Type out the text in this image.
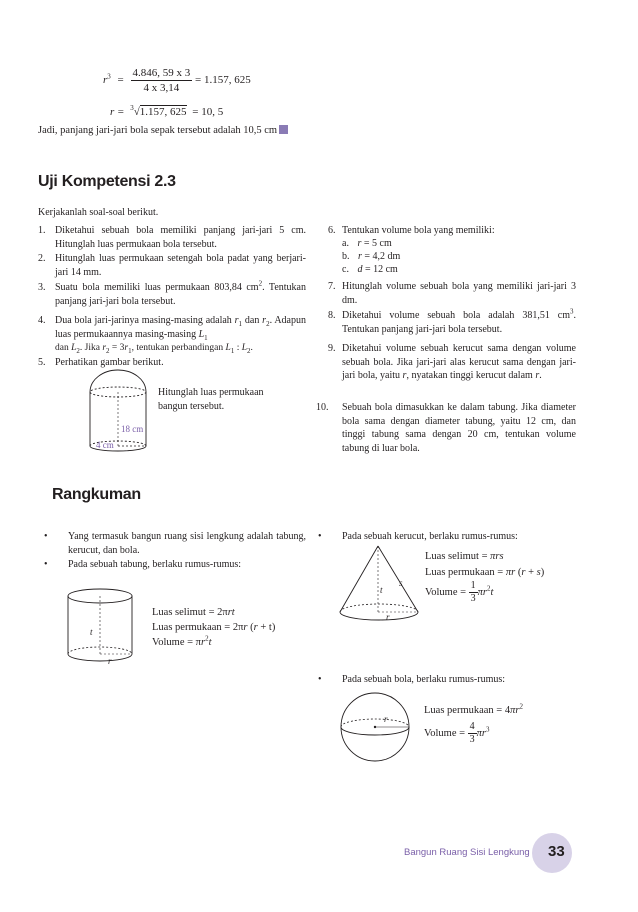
$r^3 = \frac{4.846, 59 x 3}{4 x 3,14} = 1.157$, 625
r = $^3$√1.157, 625 = 10, 5
Jadi, panjang jari-jari bola sepak tersebut adalah 10,5 cm
Uji Kompetensi 2.3
Kerjakanlah soal-soal berikut.
1. Diketahui sebuah bola memiliki panjang jari-jari 5 cm. Hitunglah luas permukaan bola tersebut.
2. Hitunglah luas permukaan setengah bola padat yang berjari-jari 14 mm.
3. Suatu bola memiliki luas permukaan 803,84 $cm^2$. Tentukan panjang jari-jari bola tersebut.
4. Dua bola jari-jarinya masing-masing adalah $r_1$ dan $r_2$. Adapun luas permukaannya masing-masing $L_1$
dan $L_2$. Jika $r_2 = 3r_1$, tentukan perbandingan $L_1$ : $L_2$.
5. Perhatikan gambar berikut.
18 cm
4 cm
Hitunglah luas permukaan bangun tersebut.
6. Tentukan volume bola yang memiliki:
a. r = 5 cm
b. r = 4,2 dm
c. d = 12 cm
7. Hitunglah volume sebuah bola yang memiliki jari-jari 3 dm.
8. Diketahui volume sebuah bola adalah 381,51 $cm^3$. Tentukan panjang jari-jari bola tersebut.
9. Diketahui volume sebuah kerucut sama dengan volume sebuah bola. Jika jari-jari alas kerucut sama dengan jari-jari bola, yaitu r, nyatakan tinggi kerucut dalam r.
10. Sebuah bola dimasukkan ke dalam tabung. Jika diameter bola sama dengan diameter tabung, yaitu 12 cm, dan tinggi tabung sama dengan 20 cm, tentukan volume tabung di luar bola.
Rangkuman
• Yang termasuk bangun ruang sisi lengkung adalah tabung, kerucut, dan bola.
• Pada sebuah tabung, berlaku rumus-rumus:
t
r
Luas selimut = 2πrt
Luas permukaan = 2πr (r + t)
Volume = $\pi r^2t$
• Pada sebuah kerucut, berlaku rumus-rumus:
s
t
r
Luas selimut = πrs
Luas permukaan = πr (r + s)
Volume = $\frac{1}{3} \pi r^2t$
• Pada sebuah bola, berlaku rumus-rumus:
r
Luas permukaan = $4\pi r^2$
Volume = $\frac{4}{3} \pi r^3$
Bangun Ruang Sisi Lengkung 33
